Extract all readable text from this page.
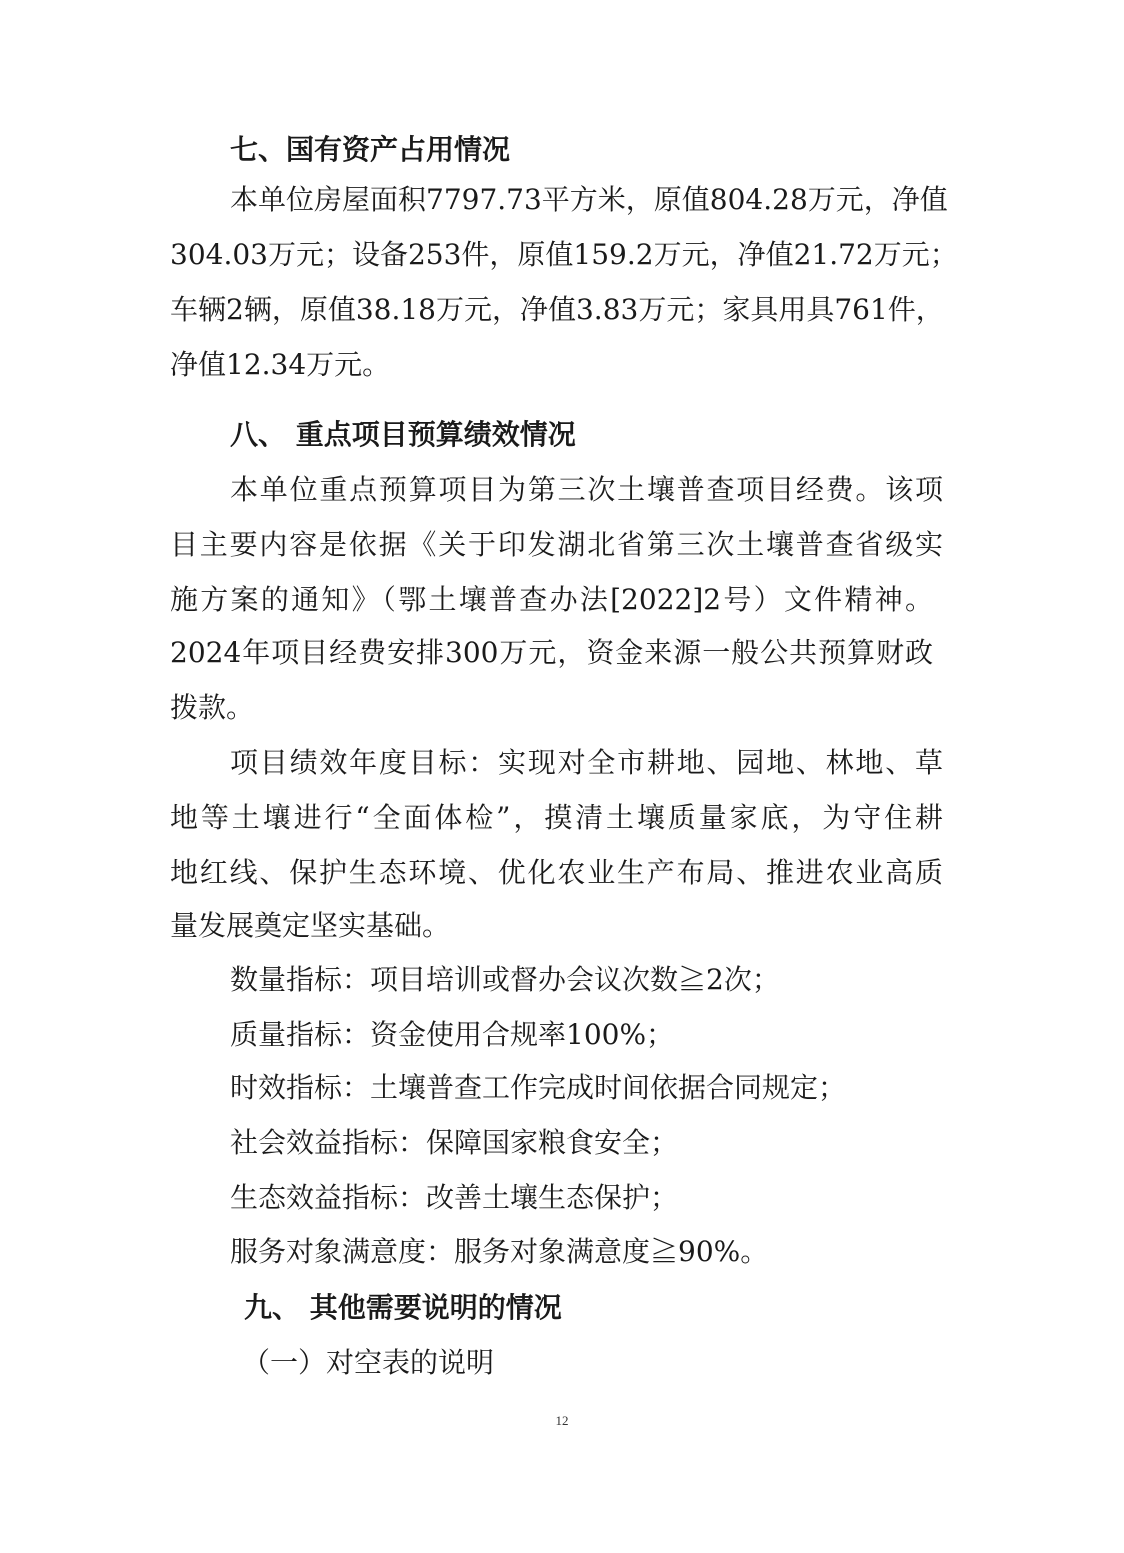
七、国有资产占用情况
本单位房屋面积7797.73平方米，原值804.28万元，净值
304.03万元；设备253件，原值159.2万元，净值21.72万元；
车辆2辆，原值38.18万元，净值3.83万元；家具用具761件，
净值12.34万元。
八、 重点项目预算绩效情况
本单位重点预算项目为第三次土壤普查项目经费。该项
目主要内容是依据《关于印发湖北省第三次土壤普查省级实
施方案的通知》（鄂土壤普查办法[2022]2号）文件精神。
2024年项目经费安排300万元，资金来源一般公共预算财政
拨款。
项目绩效年度目标：实现对全市耕地、园地、林地、草
地等土壤进行“全面体检”，摸清土壤质量家底，为守住耕
地红线、保护生态环境、优化农业生产布局、推进农业高质
量发展奠定坚实基础。
数量指标：项目培训或督办会议次数≧2次；
质量指标：资金使用合规率100%；
时效指标：土壤普查工作完成时间依据合同规定；
社会效益指标：保障国家粮食安全；
生态效益指标：改善土壤生态保护；
服务对象满意度：服务对象满意度≧90%。
九、 其他需要说明的情况
（一）对空表的说明
12
